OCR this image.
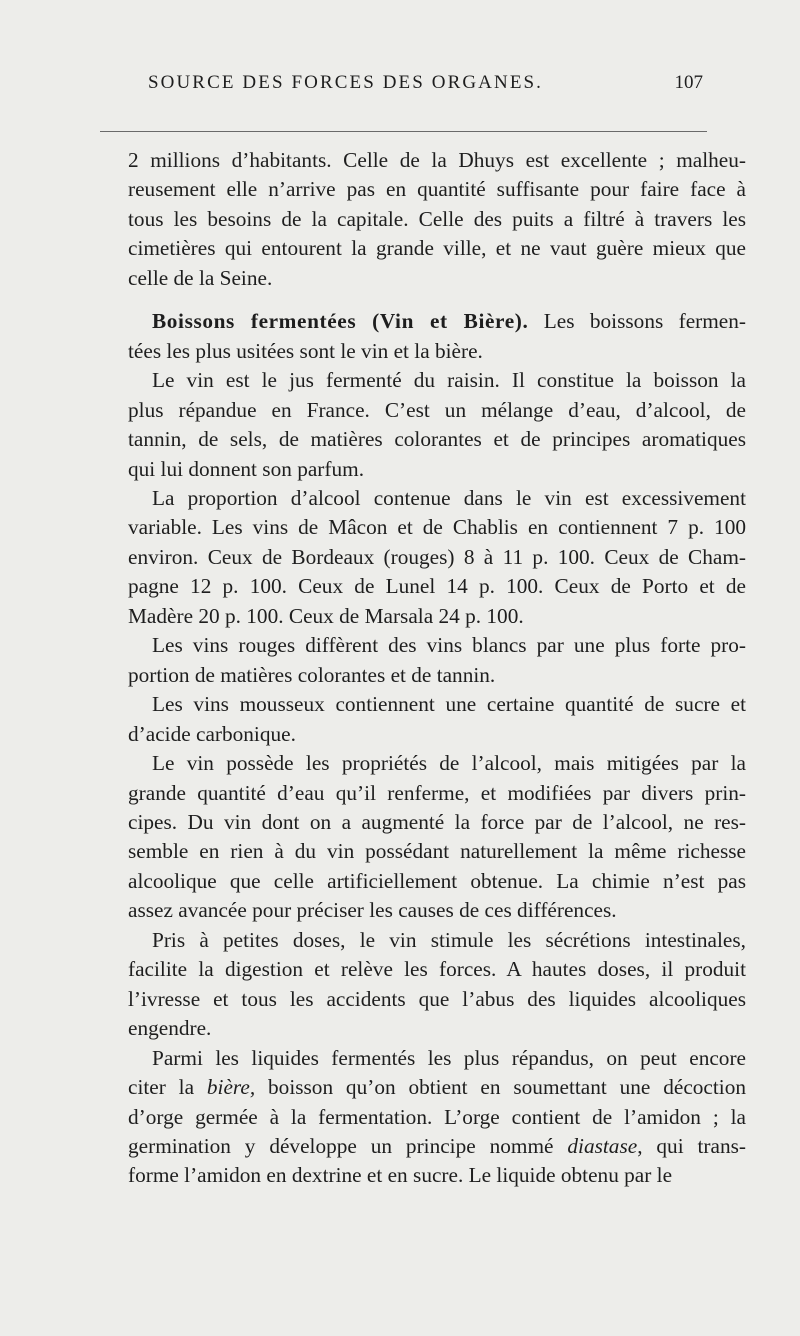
SOURCE DES FORCES DES ORGANES.	107
2 millions d’habitants. Celle de la Dhuys est excellente ; malheu-
reusement elle n’arrive pas en quantité suffisante pour faire face à
tous les besoins de la capitale. Celle des puits a filtré à travers les
cimetières qui entourent la grande ville, et ne vaut guère mieux que
celle de la Seine.
Boissons fermentées (Vin et Bière). Les boissons fermen-
tées les plus usitées sont le vin et la bière.
Le vin est le jus fermenté du raisin. Il constitue la boisson la
plus répandue en France. C’est un mélange d’eau, d’alcool, de
tannin, de sels, de matières colorantes et de principes aromatiques
qui lui donnent son parfum.
La proportion d’alcool contenue dans le vin est excessivement
variable. Les vins de Mâcon et de Chablis en contiennent 7 p. 100
environ. Ceux de Bordeaux (rouges) 8 à 11 p. 100. Ceux de Cham-
pagne 12 p. 100. Ceux de Lunel 14 p. 100. Ceux de Porto et de
Madère 20 p. 100. Ceux de Marsala 24 p. 100.
Les vins rouges diffèrent des vins blancs par une plus forte pro-
portion de matières colorantes et de tannin.
Les vins mousseux contiennent une certaine quantité de sucre et
d’acide carbonique.
Le vin possède les propriétés de l’alcool, mais mitigées par la
grande quantité d’eau qu’il renferme, et modifiées par divers prin-
cipes. Du vin dont on a augmenté la force par de l’alcool, ne res-
semble en rien à du vin possédant naturellement la même richesse
alcoolique que celle artificiellement obtenue. La chimie n’est pas
assez avancée pour préciser les causes de ces différences.
Pris à petites doses, le vin stimule les sécrétions intestinales,
facilite la digestion et relève les forces. A hautes doses, il produit
l’ivresse et tous les accidents que l’abus des liquides alcooliques
engendre.
Parmi les liquides fermentés les plus répandus, on peut encore
citer la bière, boisson qu’on obtient en soumettant une décoction
d’orge germée à la fermentation. L’orge contient de l’amidon ; la
germination y développe un principe nommé diastase, qui trans-
forme l’amidon en dextrine et en sucre. Le liquide obtenu par le
